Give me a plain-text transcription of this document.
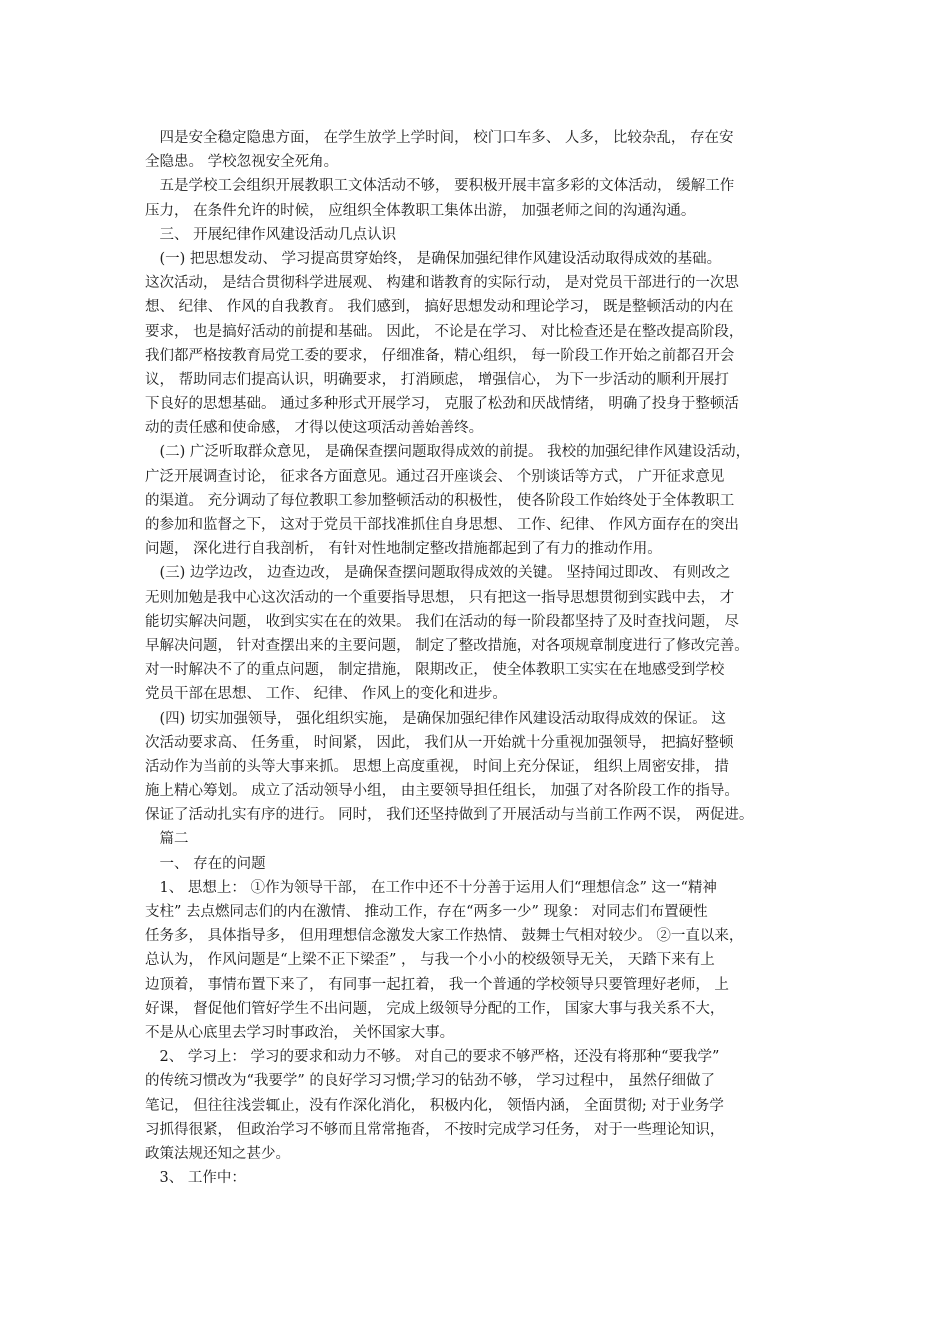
　四是安全稳定隐患方面， 在学生放学上学时间， 校门口车多、 人多， 比较杂乱， 存在安
全隐患。 学校忽视安全死角。
　五是学校工会组织开展教职工文体活动不够， 要积极开展丰富多彩的文体活动， 缓解工作
压力， 在条件允许的时候， 应组织全体教职工集体出游， 加强老师之间的沟通沟通。
　三、 开展纪律作风建设活动几点认识
　(一) 把思想发动、 学习提高贯穿始终， 是确保加强纪律作风建设活动取得成效的基础。
这次活动， 是结合贯彻科学进展观、 构建和谐教育的实际行动， 是对党员干部进行的一次思
想、 纪律、 作风的自我教育。 我们感到， 搞好思想发动和理论学习， 既是整顿活动的内在
要求， 也是搞好活动的前提和基础。 因此， 不论是在学习、 对比检查还是在整改提高阶段，
我们都严格按教育局党工委的要求， 仔细准备，精心组织， 每一阶段工作开始之前都召开会
议， 帮助同志们提高认识，明确要求， 打消顾虑， 增强信心， 为下一步活动的顺利开展打
下良好的思想基础。 通过多种形式开展学习， 克服了松劲和厌战情绪， 明确了投身于整顿活
动的责任感和使命感， 才得以使这项活动善始善终。
　(二) 广泛听取群众意见， 是确保查摆问题取得成效的前提。 我校的加强纪律作风建设活动，
广泛开展调查讨论， 征求各方面意见。通过召开座谈会、 个别谈话等方式， 广开征求意见
的渠道。 充分调动了每位教职工参加整顿活动的积极性， 使各阶段工作始终处于全体教职工
的参加和监督之下， 这对于党员干部找准抓住自身思想、 工作、纪律、 作风方面存在的突出
问题， 深化进行自我剖析， 有针对性地制定整改措施都起到了有力的推动作用。
　(三) 边学边改， 边查边改， 是确保查摆问题取得成效的关键。 坚持闻过即改、 有则改之
无则加勉是我中心这次活动的一个重要指导思想， 只有把这一指导思想贯彻到实践中去， 才
能切实解决问题， 收到实实在在的效果。 我们在活动的每一阶段都坚持了及时查找问题， 尽
早解决问题， 针对查摆出来的主要问题， 制定了整改措施，对各项规章制度进行了修改完善。
对一时解决不了的重点问题， 制定措施， 限期改正， 使全体教职工实实在在地感受到学校
党员干部在思想、 工作、 纪律、 作风上的变化和进步。
　(四) 切实加强领导， 强化组织实施， 是确保加强纪律作风建设活动取得成效的保证。 这
次活动要求高、 任务重， 时间紧， 因此， 我们从一开始就十分重视加强领导， 把搞好整顿
活动作为当前的头等大事来抓。 思想上高度重视， 时间上充分保证， 组织上周密安排， 措
施上精心筹划。 成立了活动领导小组， 由主要领导担任组长， 加强了对各阶段工作的指导。
保证了活动扎实有序的进行。 同时， 我们还坚持做到了开展活动与当前工作两不误， 两促进。
　篇二
　一、 存在的问题
　1、 思想上： ①作为领导干部， 在工作中还不十分善于运用人们“理想信念” 这一“精神
支柱” 去点燃同志们的内在激情、 推动工作，存在“两多一少” 现象： 对同志们布置硬性
任务多， 具体指导多， 但用理想信念激发大家工作热情、 鼓舞士气相对较少。 ②一直以来，
总认为， 作风问题是“上梁不正下梁歪” ， 与我一个小小的校级领导无关， 天踏下来有上
边顶着， 事情布置下来了， 有同事一起扛着， 我一个普通的学校领导只要管理好老师， 上
好课， 督促他们管好学生不出问题， 完成上级领导分配的工作， 国家大事与我关系不大，
不是从心底里去学习时事政治， 关怀国家大事。
　2、 学习上： 学习的要求和动力不够。 对自己的要求不够严格，还没有将那种“要我学”
的传统习惯改为“我要学” 的良好学习习惯;学习的钻劲不够， 学习过程中， 虽然仔细做了
笔记， 但往往浅尝辄止，没有作深化消化， 积极内化， 领悟内涵， 全面贯彻; 对于业务学
习抓得很紧， 但政治学习不够而且常常拖沓， 不按时完成学习任务， 对于一些理论知识，
政策法规还知之甚少。
　3、 工作中：
